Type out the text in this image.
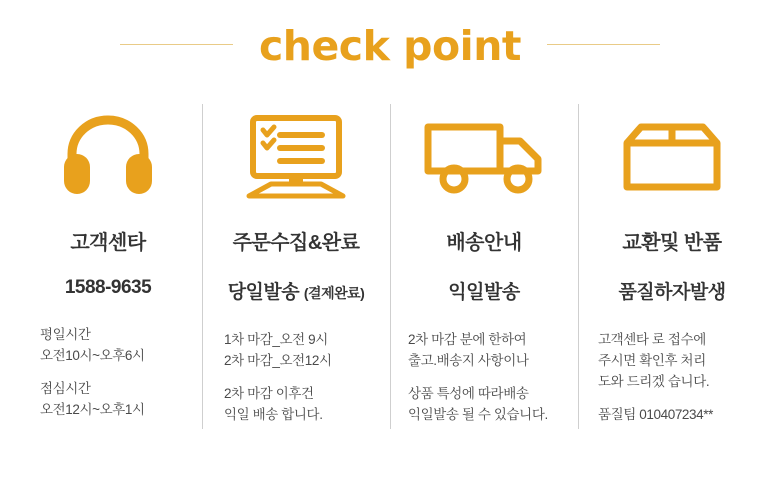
check point
고객센타
1588-9635
평일시간
오전10시~오후6시
점심시간
오전12시~오후1시
주문수집&완료
당일발송 (결제완료)
1차 마감_오전 9시
2차 마감_오전12시
2차 마감 이후건
익일 배송 합니다.
배송안내
익일발송
2차 마감 분에 한하여
출고.배송지 사항이나
상품 특성에 따라배송
익일발송 될 수 있습니다.
교환및 반품
품질하자발생
고객센타 로 접수에
주시면 확인후 처리
도와 드리겠 습니다.
품질팀 010407234**
